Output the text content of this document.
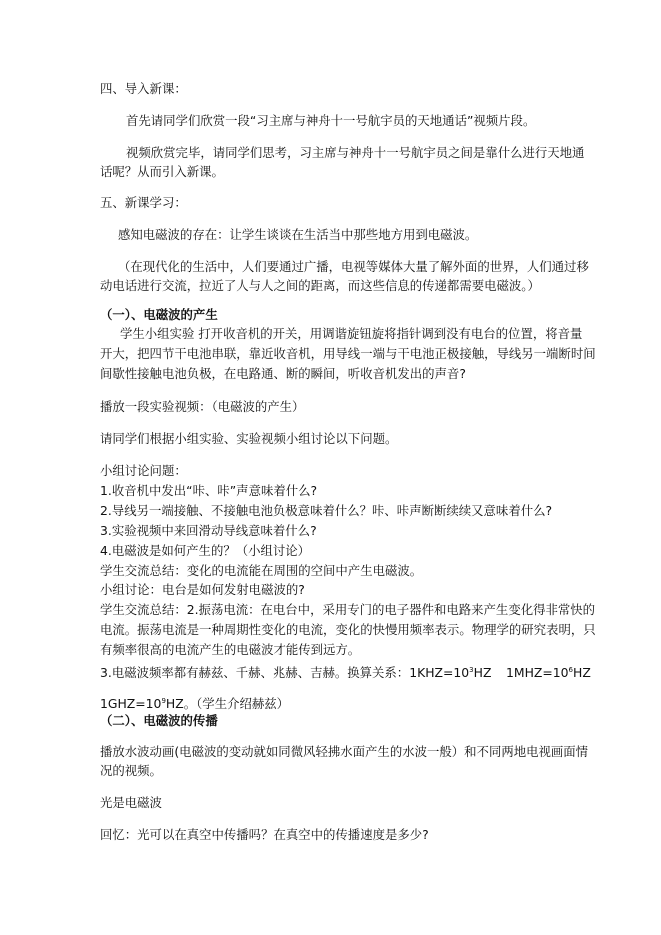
四、导入新课：
首先请同学们欣赏一段“习主席与神舟十一号航宇员的天地通话”视频片段。
视频欣赏完毕，请同学们思考，习主席与神舟十一号航宇员之间是靠什么进行天地通
话呢？从而引入新课。
五、新课学习：
感知电磁波的存在：让学生谈谈在生活当中那些地方用到电磁波。
（在现代化的生活中，人们要通过广播，电视等媒体大量了解外面的世界，人们通过移
动电话进行交流，拉近了人与人之间的距离，而这些信息的传递都需要电磁波。）
（一）、电磁波的产生
学生小组实验 打开收音机的开关，用调谐旋钮旋将指针调到没有电台的位置，将音量
开大，把四节干电池串联，靠近收音机，用导线一端与干电池正极接触，导线另一端断时间
间歇性接触电池负极，在电路通、断的瞬间，听收音机发出的声音?
播放一段实验视频：（电磁波的产生）
请同学们根据小组实验、实验视频小组讨论以下问题。
小组讨论问题：
1.收音机中发出“咔、咔”声意味着什么?
2.导线另一端接触、不接触电池负极意味着什么？咔、咔声断断续续又意味着什么?
3.实验视频中来回滑动导线意味着什么?
4.电磁波是如何产生的？（小组讨论）
学生交流总结：变化的电流能在周围的空间中产生电磁波。
小组讨论：电台是如何发射电磁波的?
学生交流总结：2.振荡电流：在电台中，采用专门的电子器件和电路来产生变化得非常快的
电流。振荡电流是一种周期性变化的电流，变化的快慢用频率表示。物理学的研究表明，只
有频率很高的电流产生的电磁波才能传到远方。
3.电磁波频率都有赫兹、千赫、兆赫、吉赫。换算关系：$1KHZ=10^3HZ$ $1MHZ=10^6HZ$
$1GHZ=10^9HZ$。（学生介绍赫兹）
（二）、电磁波的传播
播放水波动画(电磁波的变动就如同微风轻拂水面产生的水波一般）和不同两地电视画面情
况的视频。
光是电磁波
回忆：光可以在真空中传播吗？在真空中的传播速度是多少?
